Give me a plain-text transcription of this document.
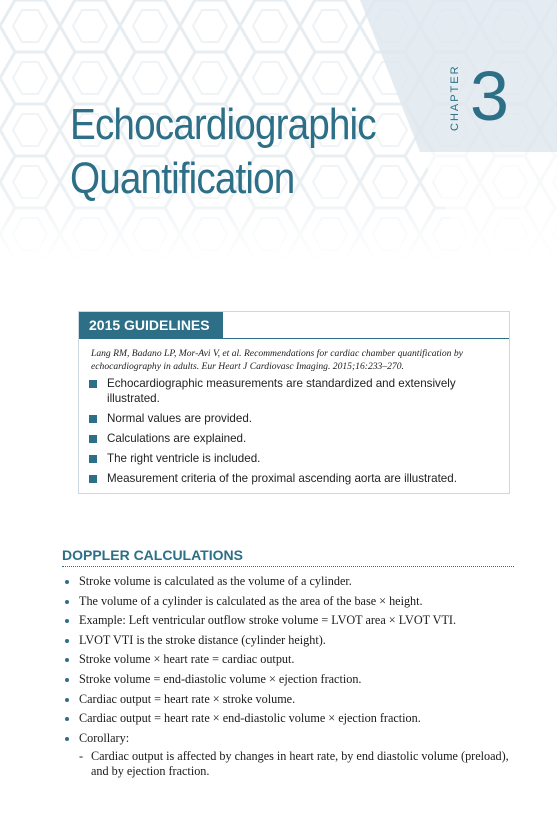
CHAPTER 3
Echocardiographic
Quantification
2015 GUIDELINES
Lang RM, Badano LP, Mor-Avi V, et al. Recommendations for cardiac chamber quantification by echocardiography in adults. Eur Heart J Cardiovasc Imaging. 2015;16:233–270.
Echocardiographic measurements are standardized and extensively illustrated.
Normal values are provided.
Calculations are explained.
The right ventricle is included.
Measurement criteria of the proximal ascending aorta are illustrated.
DOPPLER CALCULATIONS
Stroke volume is calculated as the volume of a cylinder.
The volume of a cylinder is calculated as the area of the base × height.
Example: Left ventricular outflow stroke volume = LVOT area × LVOT VTI.
LVOT VTI is the stroke distance (cylinder height).
Stroke volume × heart rate = cardiac output.
Stroke volume = end-diastolic volume × ejection fraction.
Cardiac output = heart rate × stroke volume.
Cardiac output = heart rate × end-diastolic volume × ejection fraction.
Corollary:
- Cardiac output is affected by changes in heart rate, by end diastolic volume (preload), and by ejection fraction.
